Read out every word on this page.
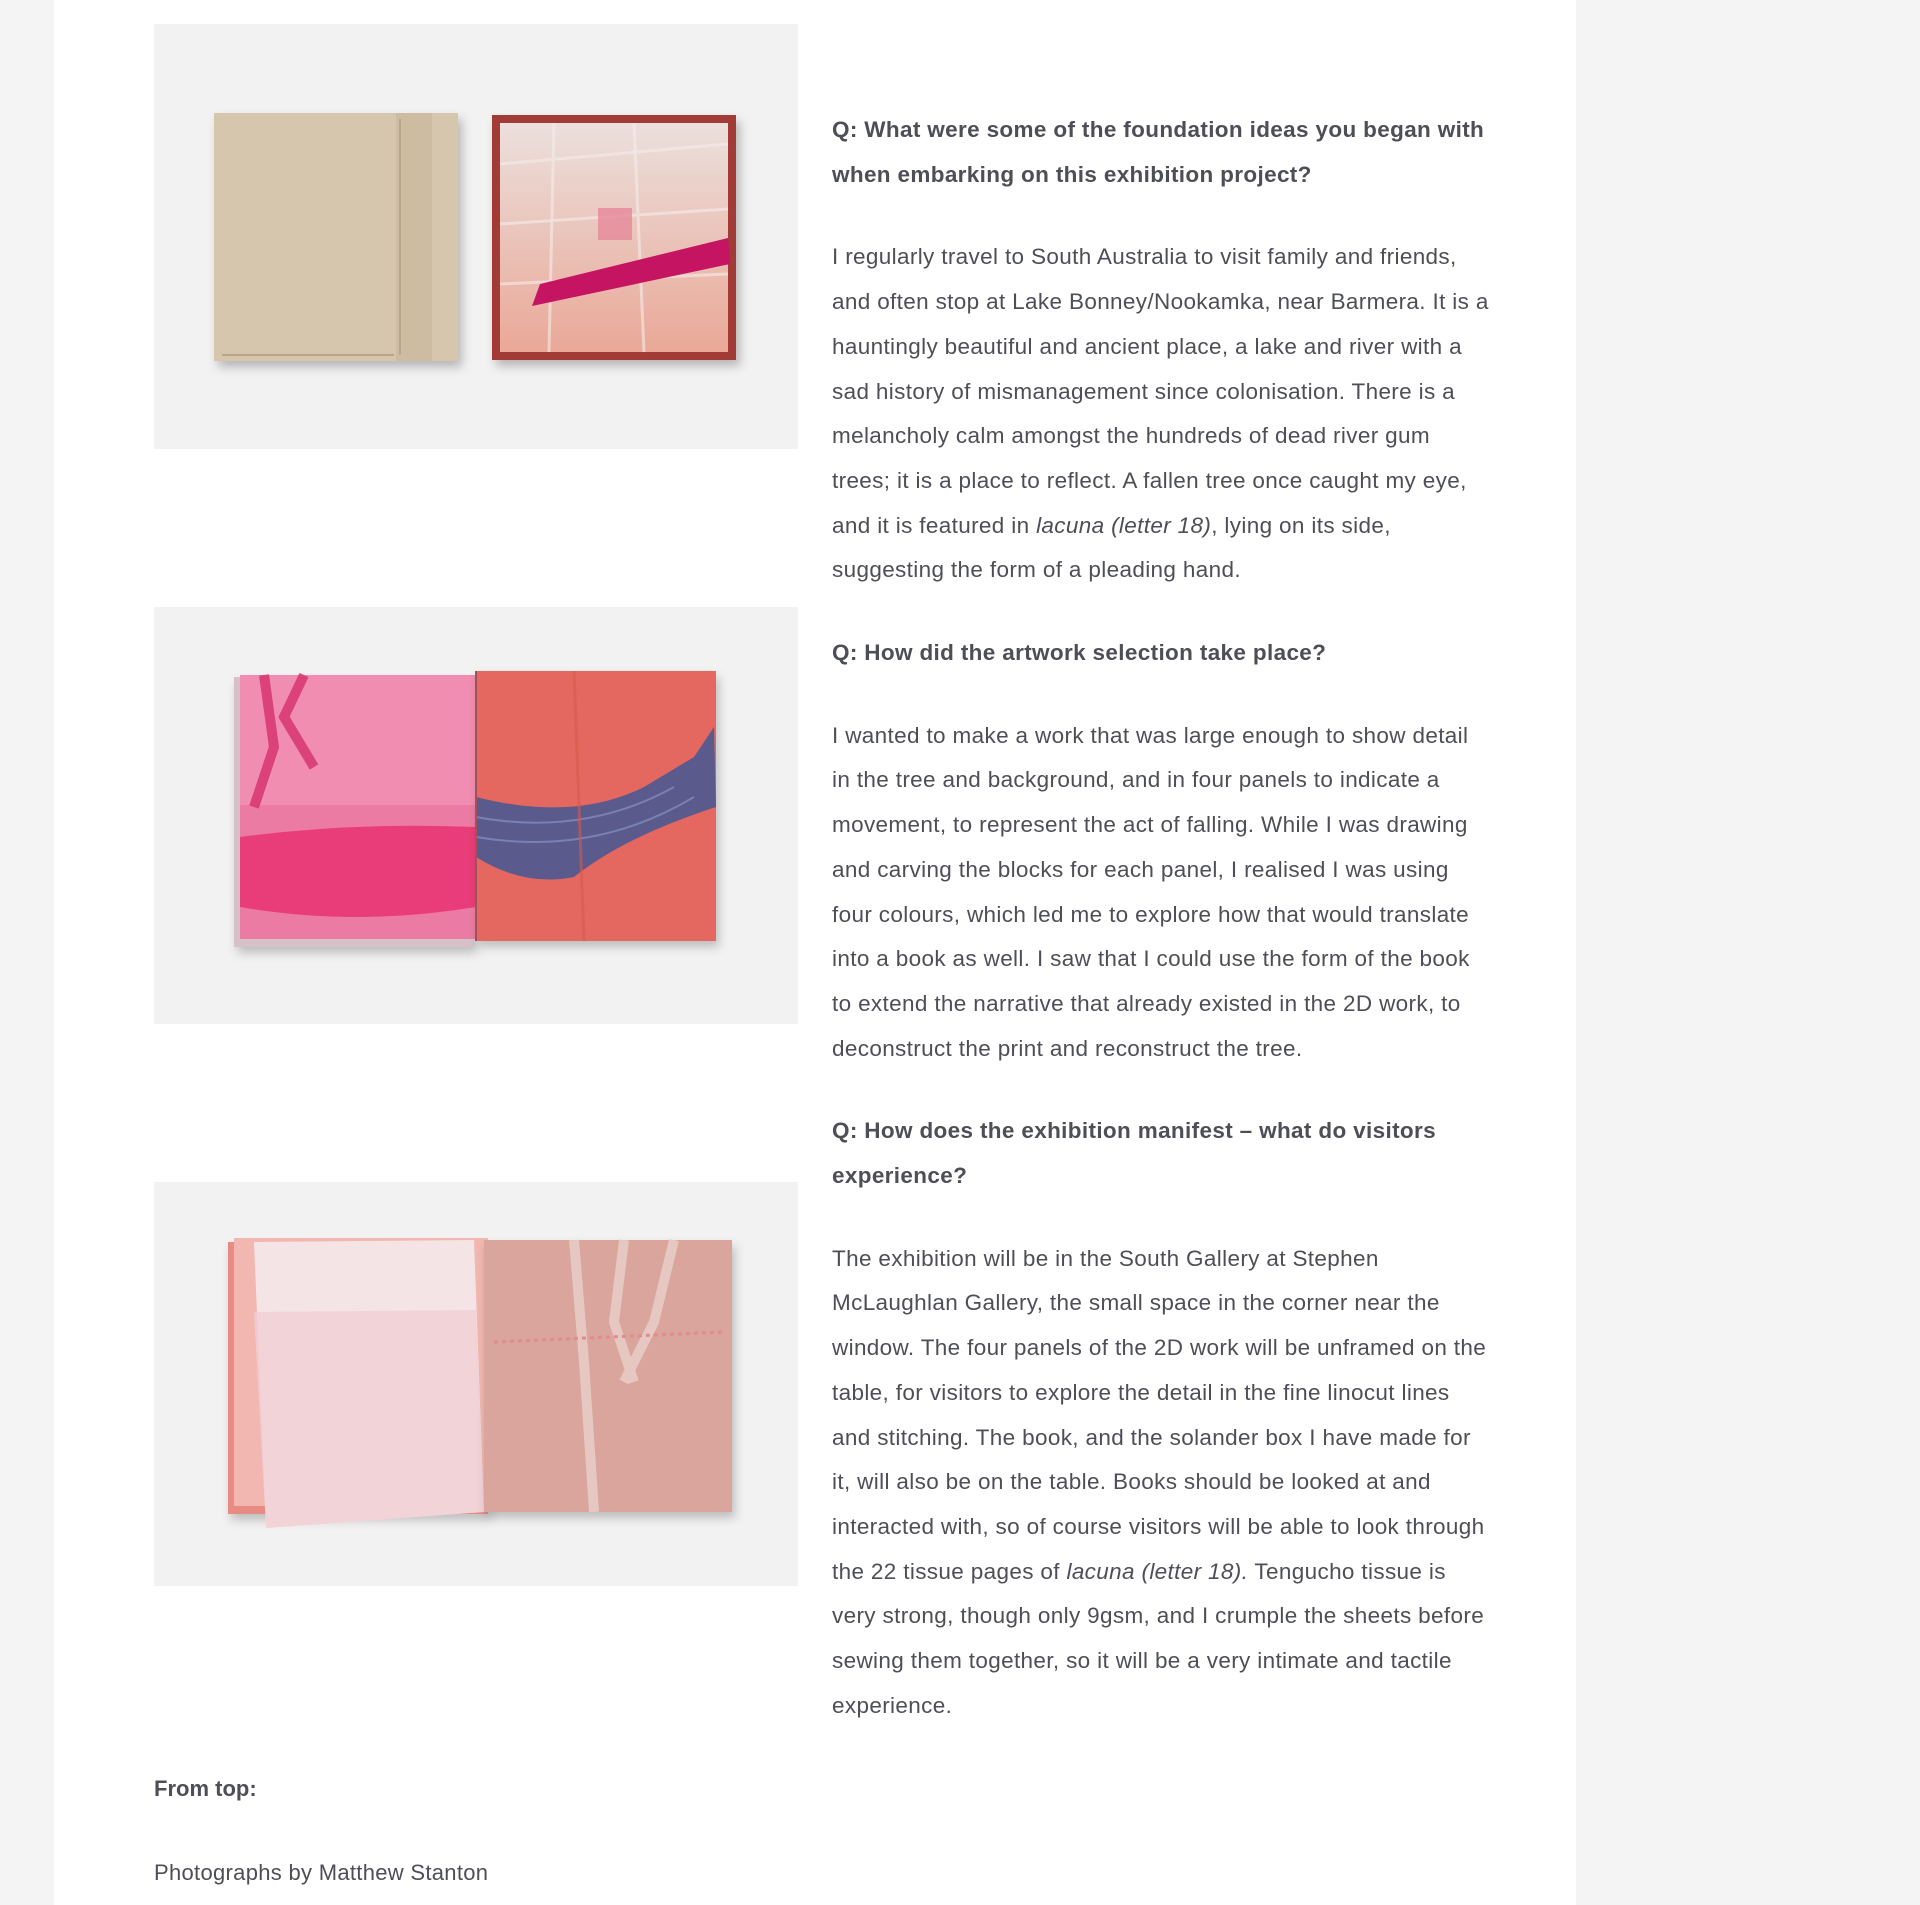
From top:
Photographs by Matthew Stanton

Q: What were some of the foundation ideas you began with when embarking on this exhibition project?

I regularly travel to South Australia to visit family and friends, and often stop at Lake Bonney/Nookamka, near Barmera. It is a hauntingly beautiful and ancient place, a lake and river with a sad history of mismanagement since colonisation. There is a melancholy calm amongst the hundreds of dead river gum trees; it is a place to reflect. A fallen tree once caught my eye, and it is featured in lacuna (letter 18), lying on its side, suggesting the form of a pleading hand.

Q: How did the artwork selection take place?

I wanted to make a work that was large enough to show detail in the tree and background, and in four panels to indicate a movement, to represent the act of falling. While I was drawing and carving the blocks for each panel, I realised I was using four colours, which led me to explore how that would translate into a book as well. I saw that I could use the form of the book to extend the narrative that already existed in the 2D work, to deconstruct the print and reconstruct the tree.

Q: How does the exhibition manifest – what do visitors experience?

The exhibition will be in the South Gallery at Stephen McLaughlan Gallery, the small space in the corner near the window. The four panels of the 2D work will be unframed on the table, for visitors to explore the detail in the fine linocut lines and stitching. The book, and the solander box I have made for it, will also be on the table. Books should be looked at and interacted with, so of course visitors will be able to look through the 22 tissue pages of lacuna (letter 18). Tengucho tissue is very strong, though only 9gsm, and I crumple the sheets before sewing them together, so it will be a very intimate and tactile experience.
